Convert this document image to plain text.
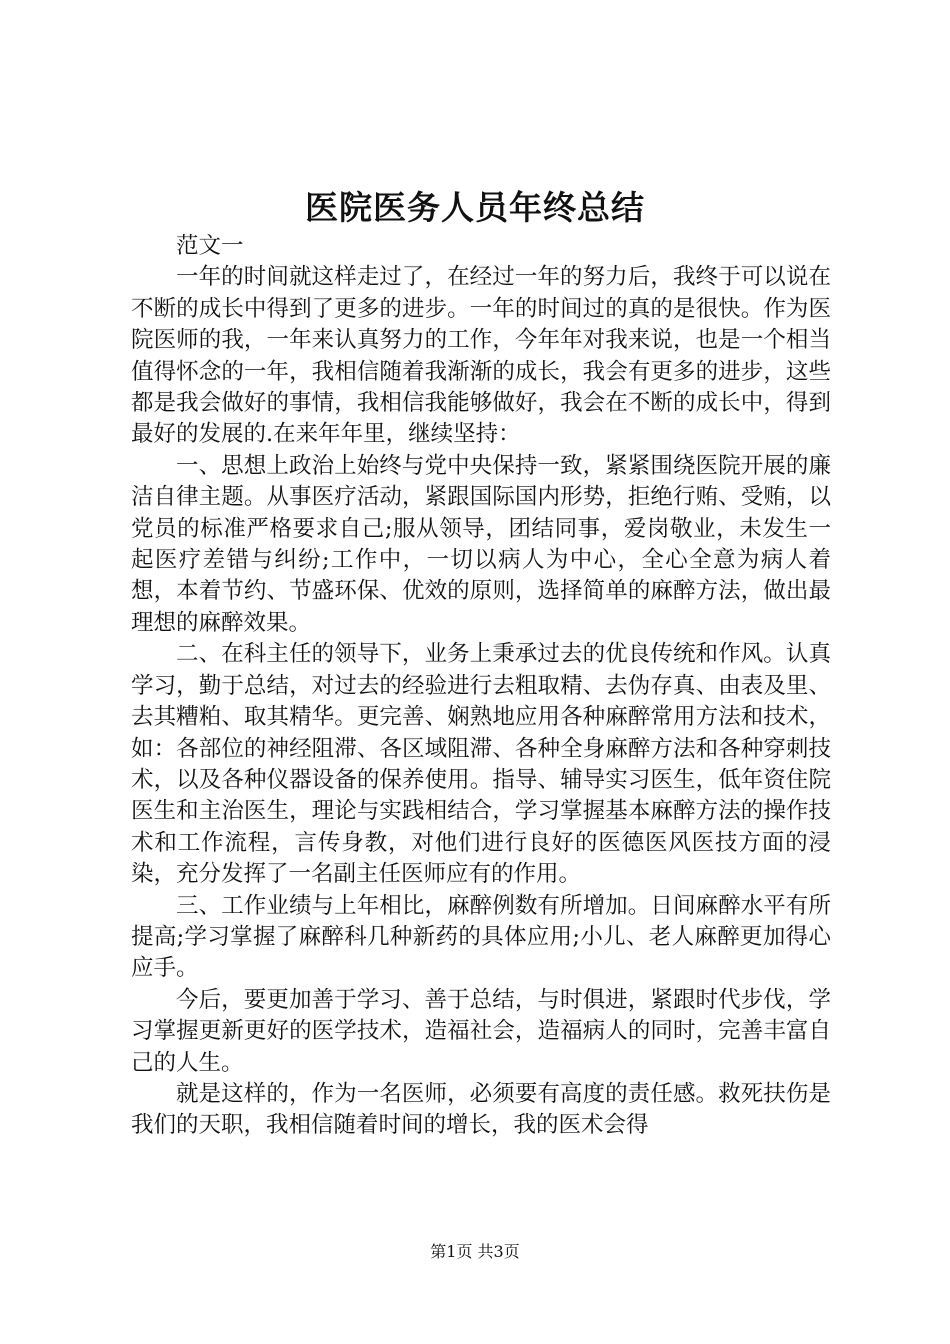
医院医务人员年终总结

范文一

一年的时间就这样走过了，在经过一年的努力后，我终于可以说在不断的成长中得到了更多的进步。一年的时间过的真的是很快。作为医院医师的我，一年来认真努力的工作，今年年对我来说，也是一个相当值得怀念的一年，我相信随着我渐渐的成长，我会有更多的进步，这些都是我会做好的事情，我相信我能够做好，我会在不断的成长中，得到最好的发展的.在来年年里，继续坚持：

一、思想上政治上始终与党中央保持一致，紧紧围绕医院开展的廉洁自律主题。从事医疗活动，紧跟国际国内形势，拒绝行贿、受贿，以党员的标准严格要求自己;服从领导，团结同事，爱岗敬业，未发生一起医疗差错与纠纷;工作中，一切以病人为中心，全心全意为病人着想，本着节约、节盛环保、优效的原则，选择简单的麻醉方法，做出最理想的麻醉效果。

二、在科主任的领导下，业务上秉承过去的优良传统和作风。认真学习，勤于总结，对过去的经验进行去粗取精、去伪存真、由表及里、去其糟粕、取其精华。更完善、娴熟地应用各种麻醉常用方法和技术，如：各部位的神经阻滞、各区域阻滞、各种全身麻醉方法和各种穿刺技术，以及各种仪器设备的保养使用。指导、辅导实习医生，低年资住院医生和主治医生，理论与实践相结合，学习掌握基本麻醉方法的操作技术和工作流程，言传身教，对他们进行良好的医德医风医技方面的浸染，充分发挥了一名副主任医师应有的作用。

三、工作业绩与上年相比，麻醉例数有所增加。日间麻醉水平有所提高;学习掌握了麻醉科几种新药的具体应用;小儿、老人麻醉更加得心应手。

今后，要更加善于学习、善于总结，与时俱进，紧跟时代步伐，学习掌握更新更好的医学技术，造福社会，造福病人的同时，完善丰富自己的人生。

就是这样的，作为一名医师，必须要有高度的责任感。救死扶伤是我们的天职，我相信随着时间的增长，我的医术会得

第1页 共3页
